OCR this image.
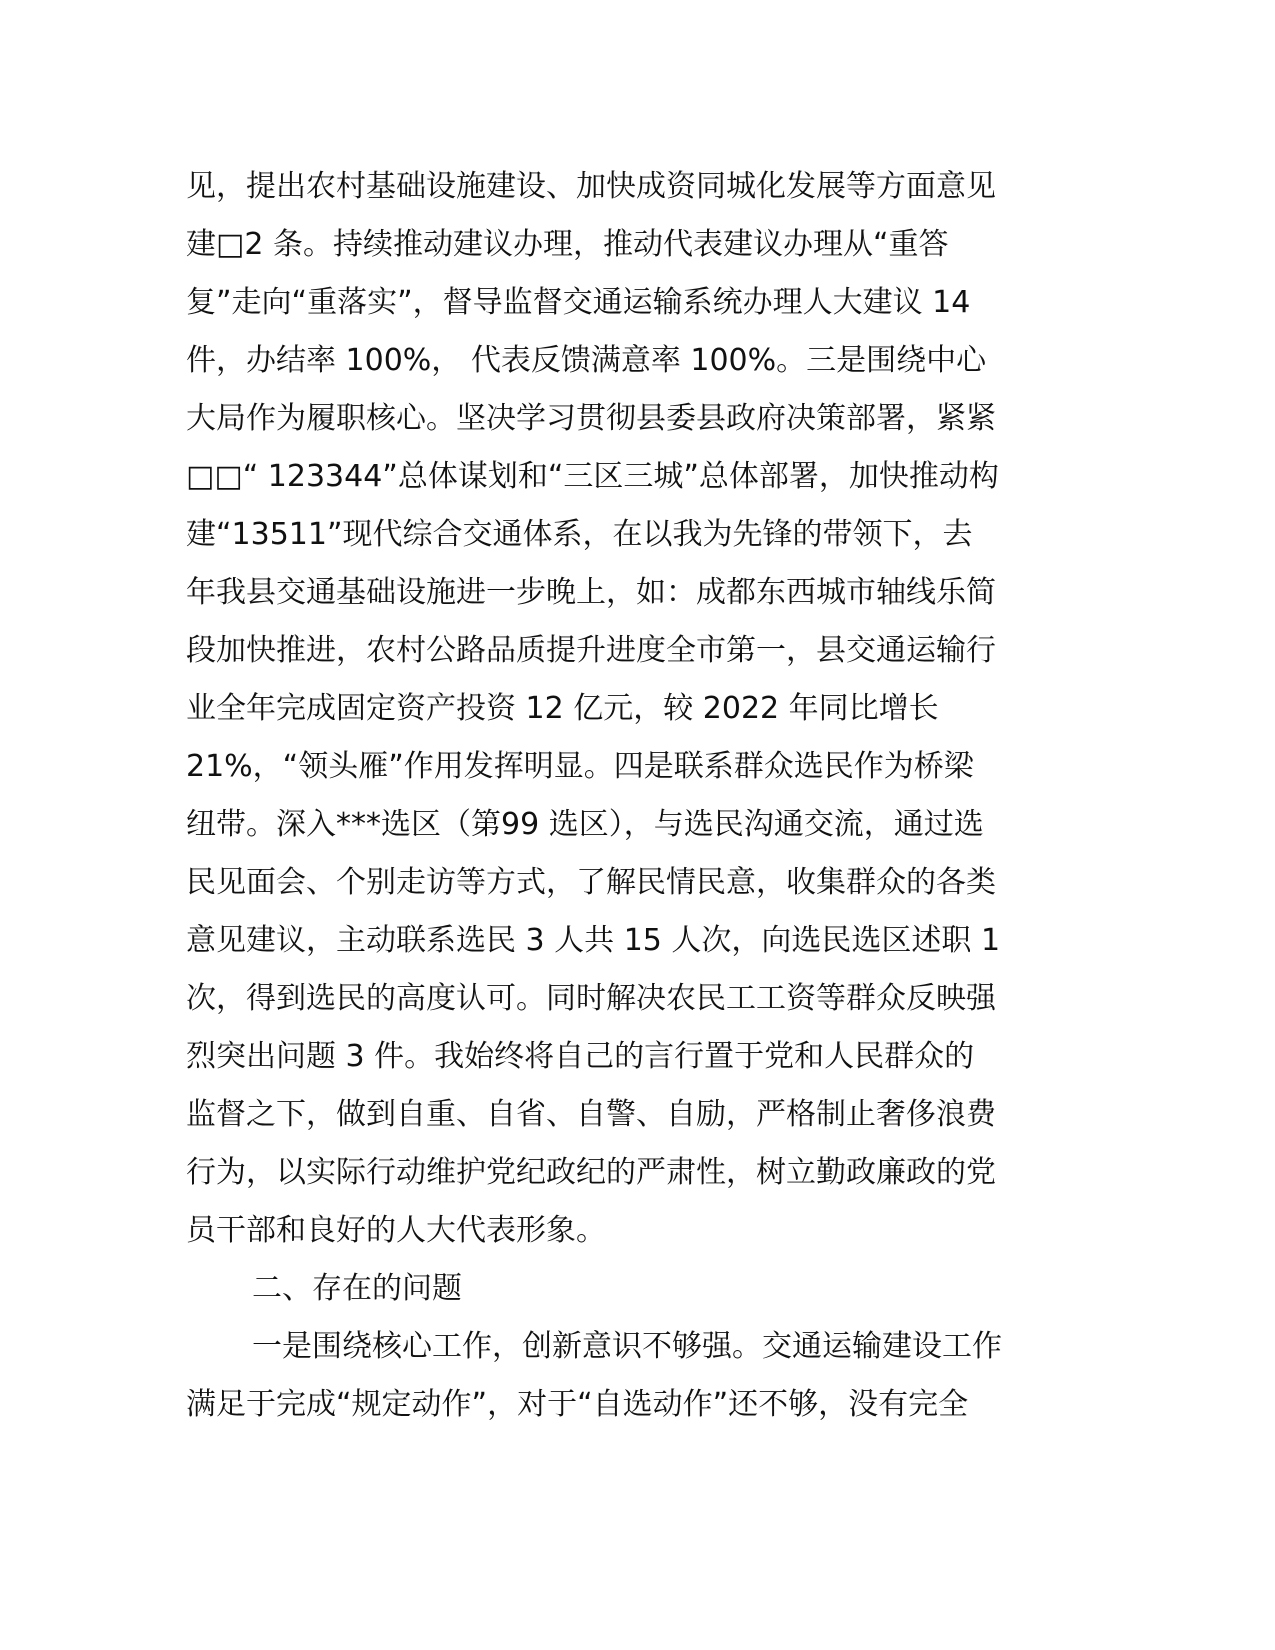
见，提出农村基础设施建设、加快成资同城化发展等方面意见
建□2 条。持续推动建议办理，推动代表建议办理从“重答
复”走向“重落实”，督导监督交通运输系统办理人大建议 14
件，办结率 100%， 代表反馈满意率 100%。三是围绕中心
大局作为履职核心。坚决学习贯彻县委县政府决策部署，紧紧
□□“ 123344”总体谋划和“三区三城”总体部署，加快推动构
建“13511”现代综合交通体系，在以我为先锋的带领下，去
年我县交通基础设施进一步晚上，如：成都东西城市轴线乐简
段加快推进，农村公路品质提升进度全市第一，县交通运输行
业全年完成固定资产投资 12 亿元，较 2022 年同比增长
21%，“领头雁”作用发挥明显。四是联系群众选民作为桥梁
纽带。深入***选区（第99 选区），与选民沟通交流，通过选
民见面会、个别走访等方式，了解民情民意，收集群众的各类
意见建议，主动联系选民 3 人共 15 人次，向选民选区述职 1
次，得到选民的高度认可。同时解决农民工工资等群众反映强
烈突出问题 3 件。我始终将自己的言行置于党和人民群众的
监督之下，做到自重、自省、自警、自励，严格制止奢侈浪费
行为，以实际行动维护党纪政纪的严肃性，树立勤政廉政的党
员干部和良好的人大代表形象。
二、存在的问题
一是围绕核心工作，创新意识不够强。交通运输建设工作
满足于完成“规定动作”，对于“自选动作”还不够，没有完全
